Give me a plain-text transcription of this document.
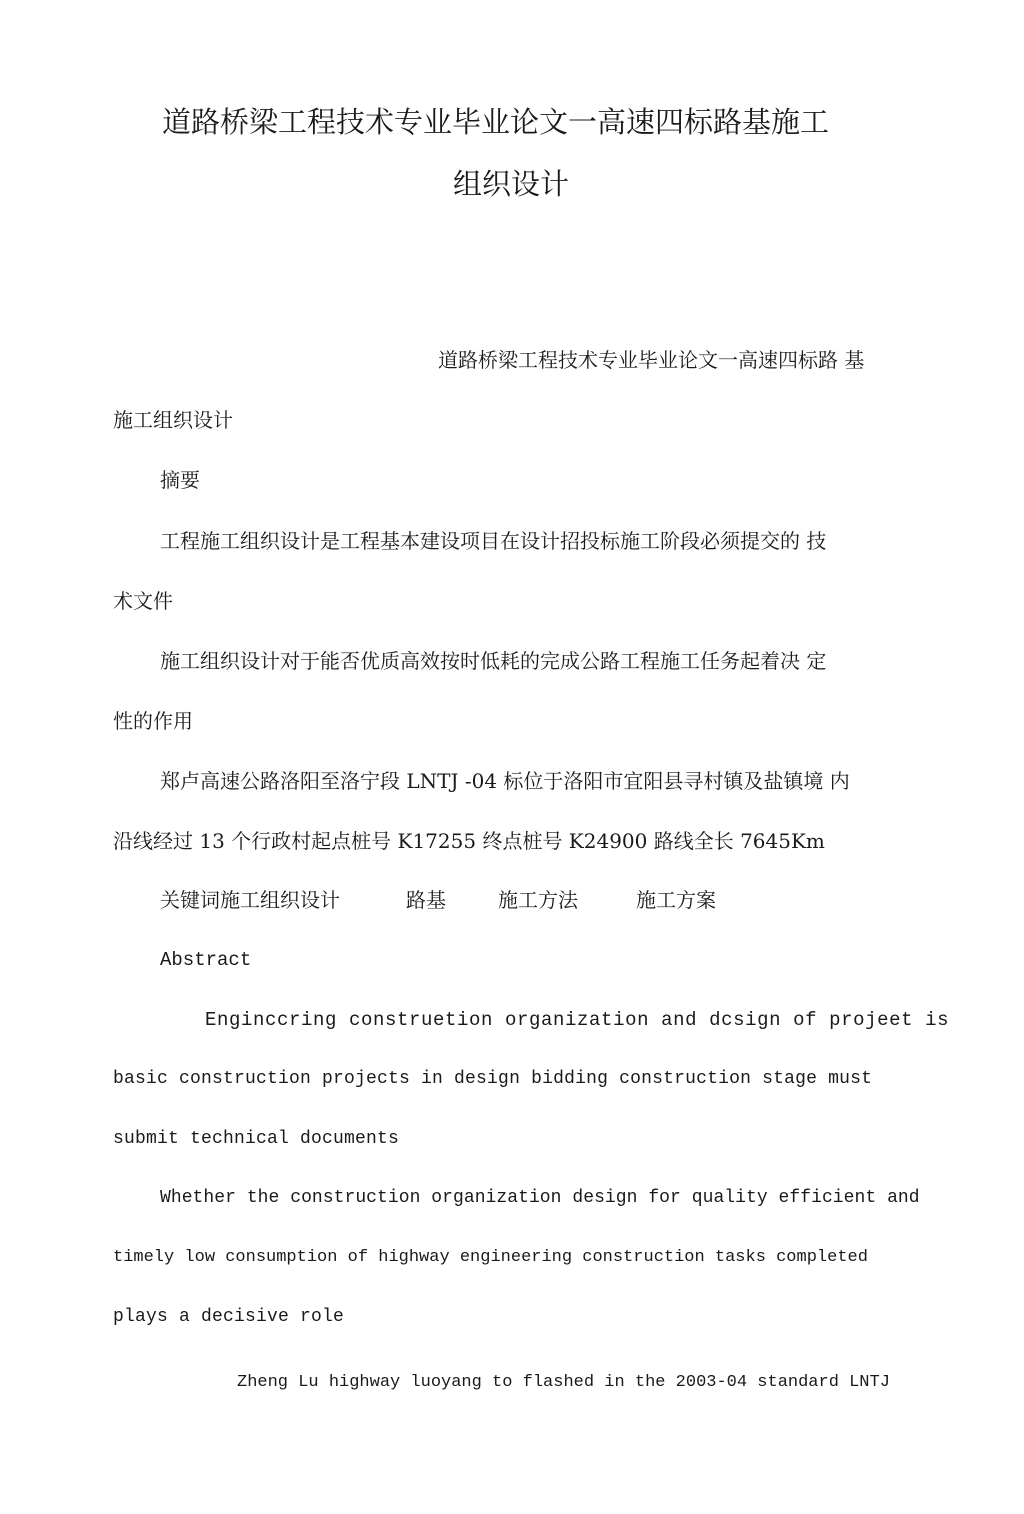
道路桥梁工程技术专业毕业论文一高速四标路基施工

组织设计

道路桥梁工程技术专业毕业论文一高速四标路 基

施工组织设计

摘要

工程施工组织设计是工程基本建设项目在设计招投标施工阶段必须提交的 技

术文件

施工组织设计对于能否优质高效按时低耗的完成公路工程施工任务起着决 定

性的作用

郑卢高速公路洛阳至洛宁段 LNTJ -04 标位于洛阳市宜阳县寻村镇及盐镇境 内

沿线经过 13 个行政村起点桩号 K17255 终点桩号 K24900 路线全长 7645Km

关键词施工组织设计	路基	施工方法	施工方案

Abstract

Enginccring construetion organization and dcsign of projeet is

basic construction projects in design bidding construction stage must

submit technical documents

Whether the construction organization design for quality efficient and

timely low consumption of highway engineering construction tasks completed

plays a decisive role

Zheng Lu highway luoyang to flashed in the 2003-04 standard LNTJ
